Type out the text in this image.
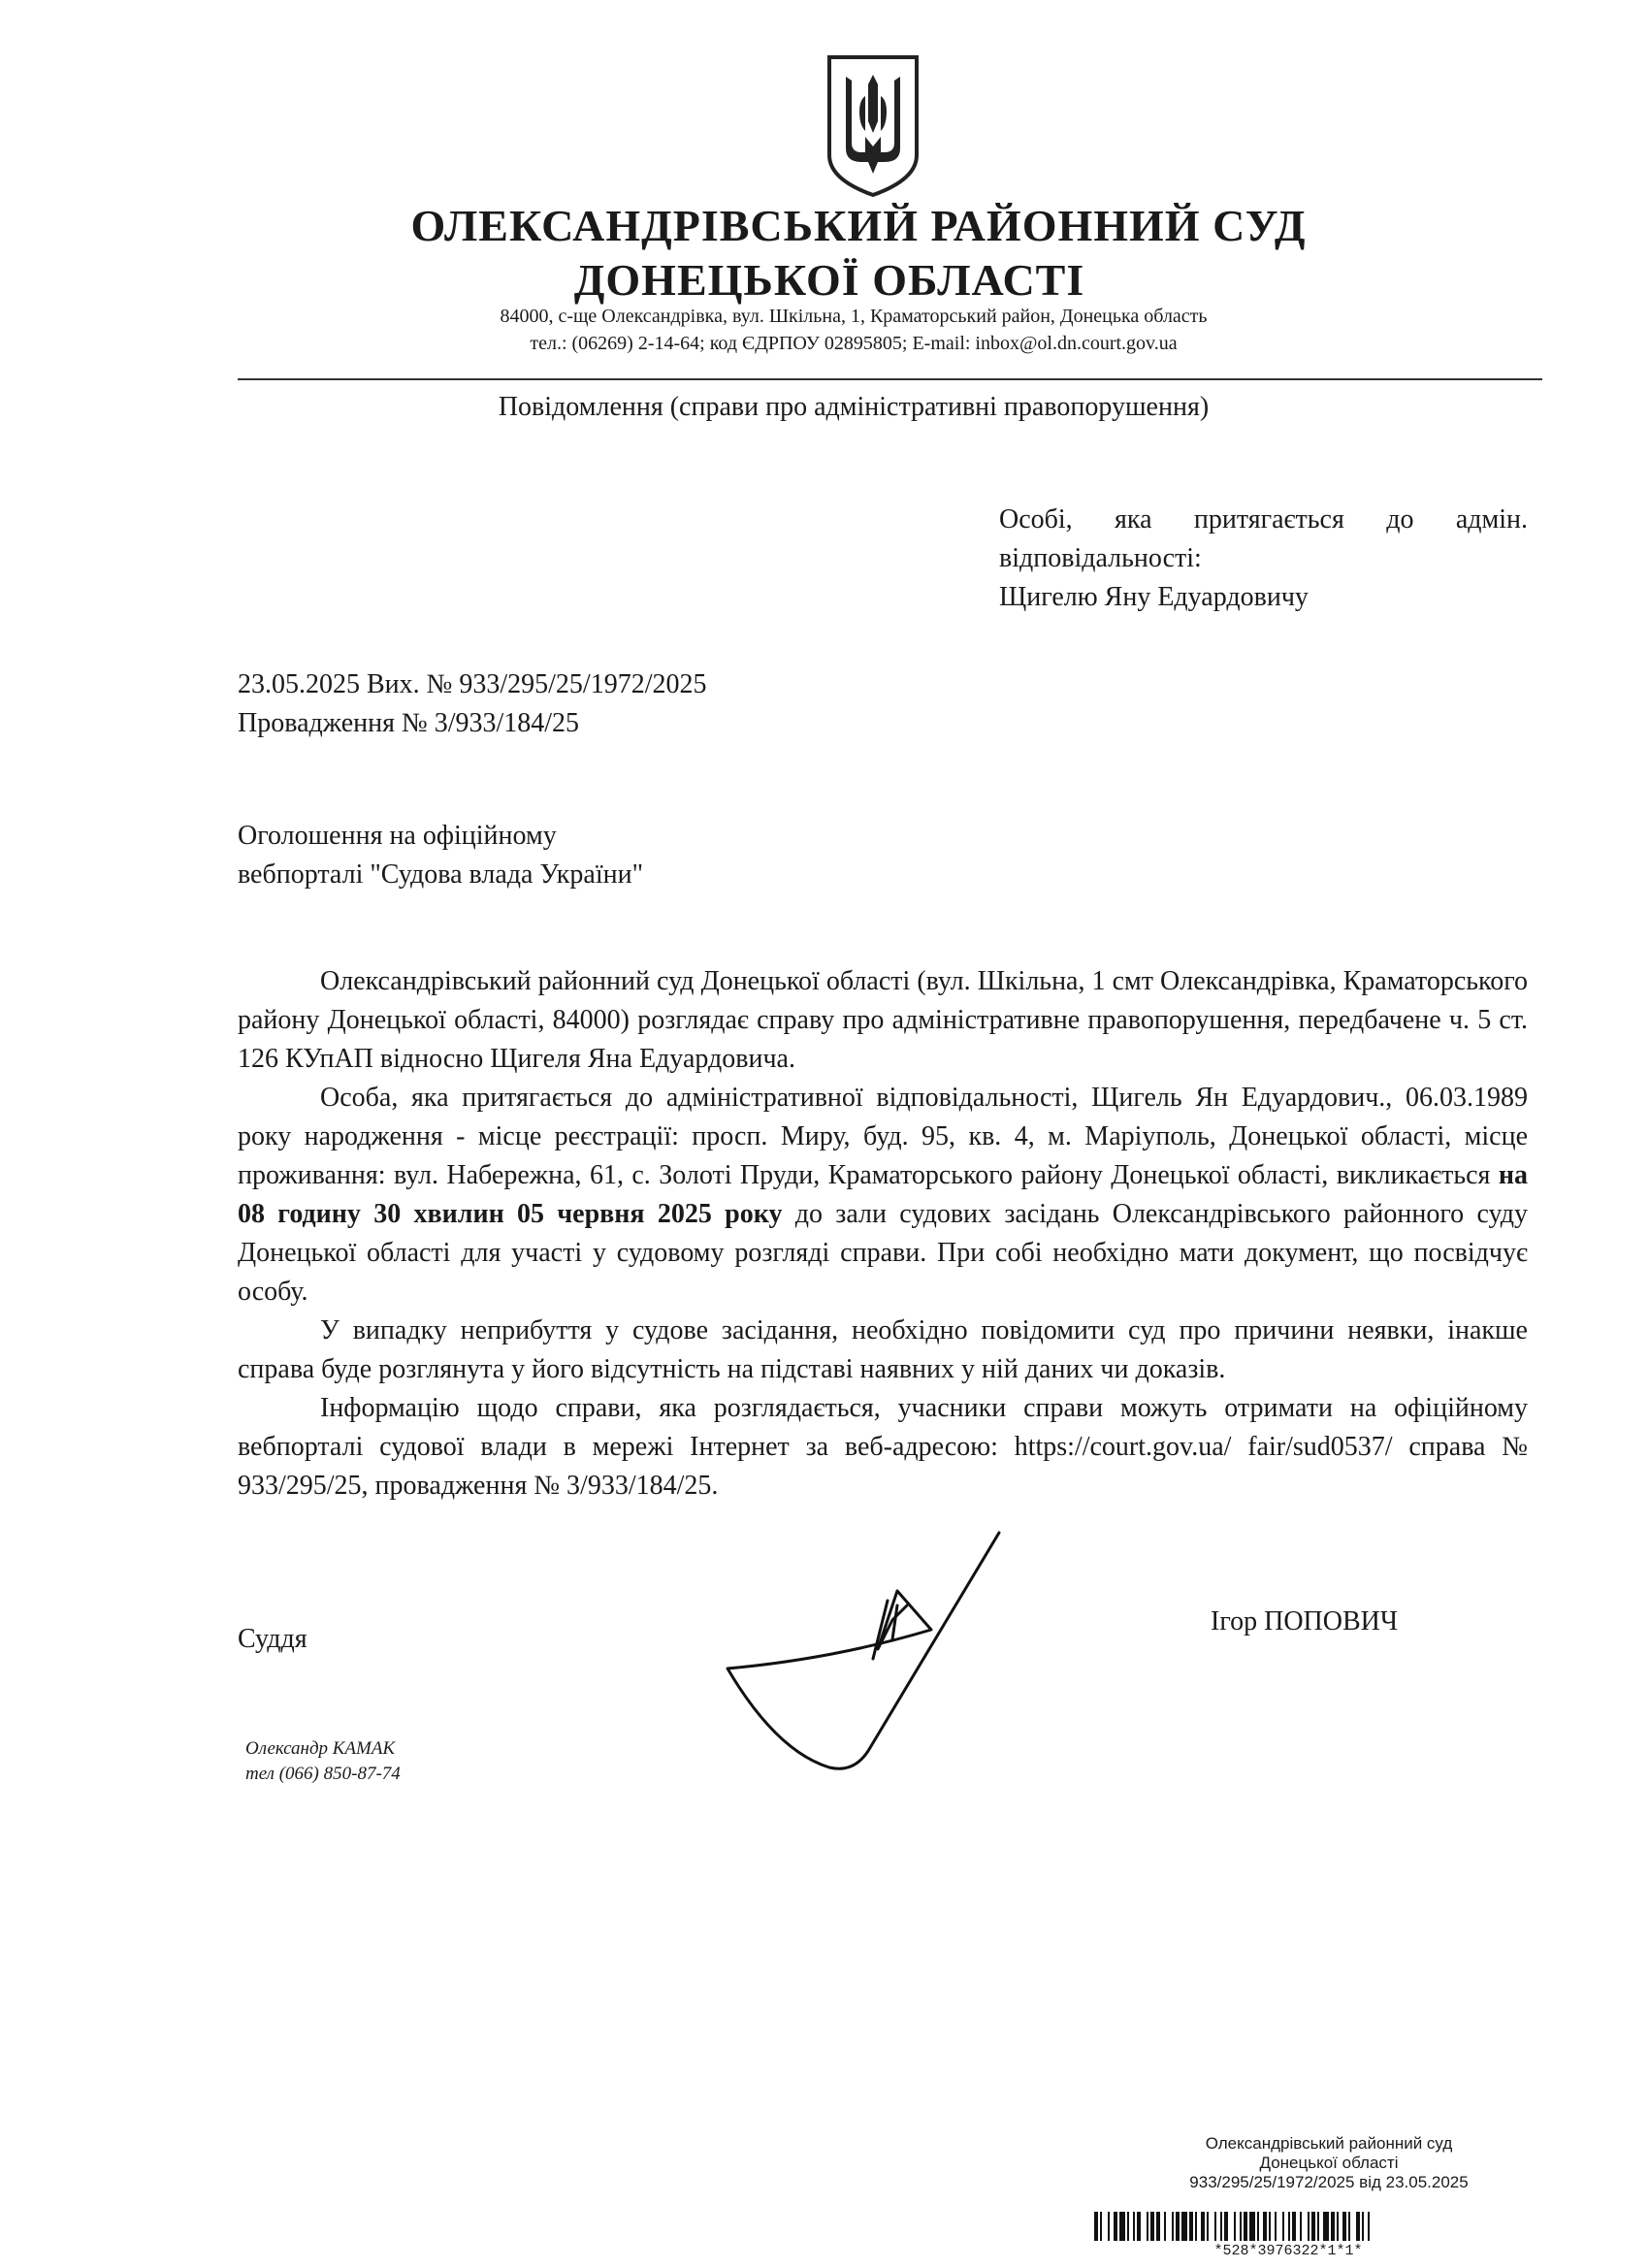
ОЛЕКСАНДРІВСЬКИЙ РАЙОННИЙ СУД
ДОНЕЦЬКОЇ ОБЛАСТІ
84000, с-ще Олександрівка, вул. Шкільна, 1, Краматорський район, Донецька область
тел.: (06269) 2-14-64; код ЄДРПОУ 02895805; E-mail: inbox@ol.dn.court.gov.ua
Повідомлення (справи про адміністративні правопорушення)
Особі, яка притягається до адмін.
відповідальності:
Щигелю Яну Едуардовичу
23.05.2025 Вих. № 933/295/25/1972/2025
Провадження № 3/933/184/25
Оголошення на офіційному
вебпорталі "Судова влада України"

Олександрівський районний суд Донецької області (вул. Шкільна, 1 смт Олександрівка, Краматорського району Донецької області, 84000) розглядає справу про адміністративне правопорушення, передбачене ч. 5 ст. 126 КУпАП відносно Щигеля Яна Едуардовича.

Особа, яка притягається до адміністративної відповідальності, Щигель Ян Едуардович., 06.03.1989 року народження - місце реєстрації: просп. Миру, буд. 95, кв. 4, м. Маріуполь, Донецької області, місце проживання: вул. Набережна, 61, с. Золоті Пруди, Краматорського району Донецької області, викликається на 08 годину 30 хвилин 05 червня 2025 року до зали судових засідань Олександрівського районного суду Донецької області для участі у судовому розгляді справи. При собі необхідно мати документ, що посвідчує особу.

У випадку неприбуття у судове засідання, необхідно повідомити суд про причини неявки, інакше справа буде розглянута у його відсутність на підставі наявних у ній даних чи доказів.

Інформацію щодо справи, яка розглядається, учасники справи можуть отримати на офіційному вебпорталі судової влади в мережі Інтернет за веб-адресою: https://court.gov.ua/ fair/sud0537/ справа № 933/295/25, провадження № 3/933/184/25.

Суддя
Ігор ПОПОВИЧ
Олександр КАМАК
тел (066) 850-87-74
Олександрівський районний суд
Донецької області
933/295/25/1972/2025 від 23.05.2025
*528*3976322*1*1*
